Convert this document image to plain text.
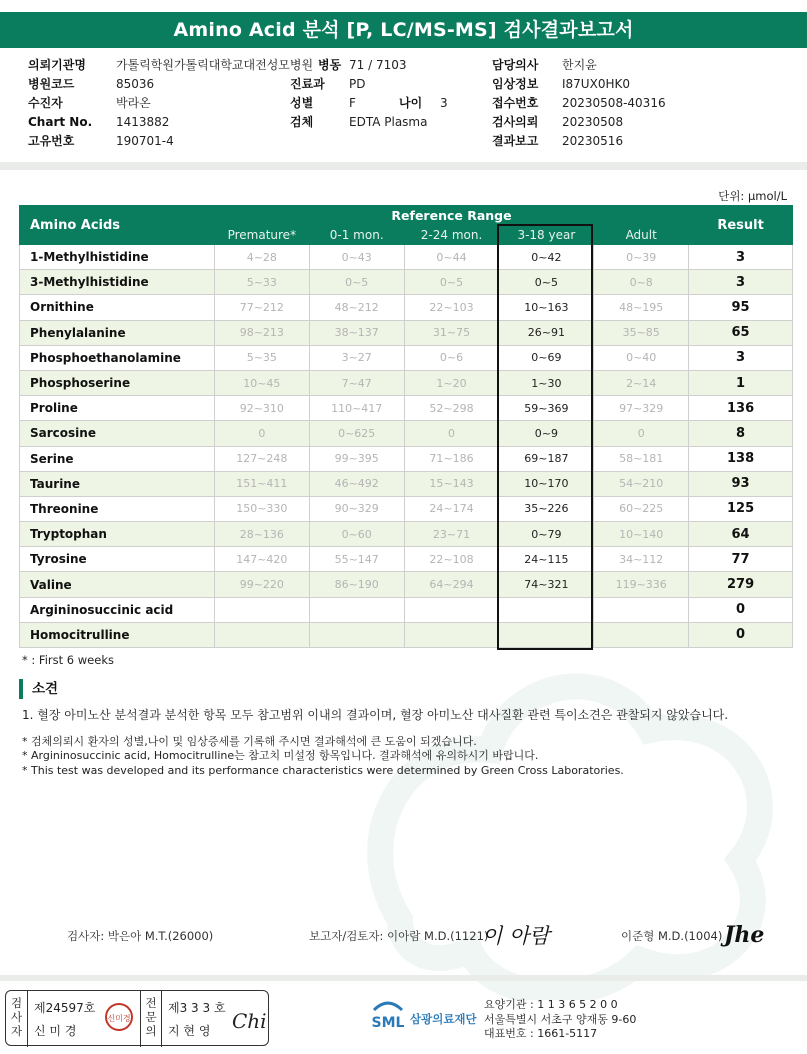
Amino Acid 분석 [P, LC/MS-MS] 검사결과보고서
의뢰기관명	가톨릭학원가톨릭대학교대전성모병원 병동 71 / 7103	담당의사 한지윤
병원코드	85036	진료과 PD	임상정보 I87UX0HK0
수진자	박라온	성별	F	나이 3	접수번호 20230508-40316
Chart No. 1413882	검체	EDTA Plasma	검사의뢰 20230508
고유번호	190701-4	결과보고 20230516
단위: µmol/L
Amino Acids	Reference Range					Result
	Premature*	0-1 mon.	2-24 mon.	3-18 year	Adult	
1-Methylhistidine	4~28	0~43	0~44	0~42	0~39	3
3-Methylhistidine	5~33	0~5	0~5	0~5	0~8	3
Ornithine	77~212	48~212	22~103	10~163	48~195	95
Phenylalanine	98~213	38~137	31~75	26~91	35~85	65
Phosphoethanolamine	5~35	3~27	0~6	0~69	0~40	3
Phosphoserine	10~45	7~47	1~20	1~30	2~14	1
Proline	92~310	110~417	52~298	59~369	97~329	136
Sarcosine	0	0~625	0	0~9	0	8
Serine	127~248	99~395	71~186	69~187	58~181	138
Taurine	151~411	46~492	15~143	10~170	54~210	93
Threonine	150~330	90~329	24~174	35~226	60~225	125
Tryptophan	28~136	0~60	23~71	0~79	10~140	64
Tyrosine	147~420	55~147	22~108	24~115	34~112	77
Valine	99~220	86~190	64~294	74~321	119~336	279
Argininosuccinic acid						0
Homocitrulline						0
* : First 6 weeks
소견
1. 혈장 아미노산 분석결과 분석한 항목 모두 참고범위 이내의 결과이며, 혈장 아미노산 대사질환 관련 특이소견은 관찰되지 않았습니다.
* 검체의뢰시 환자의 성별,나이 및 임상증세를 기록해 주시면 결과해석에 큰 도움이 되겠습니다.
* Argininosuccinic acid, Homocitrulline는 참고치 미설정 항목입니다. 결과해석에 유의하시기 바랍니다.
* This test was developed and its performance characteristics were determined by Green Cross Laboratories.
검사자: 박은아 M.T.(26000)	보고자/검토자: 이아람 M.D.(1121)
이 아람	이준형 M.D.(1004) Jhe
검사자
제24597호
신 미 경
신미경
전문의
제3 3 3 호
지 현 영 Chi	SML 삼광의료재단
요양기관 : 1 1 3 6 5 2 0 0
서울특별시 서초구 양재동 9-60
대표번호 : 1661-5117
